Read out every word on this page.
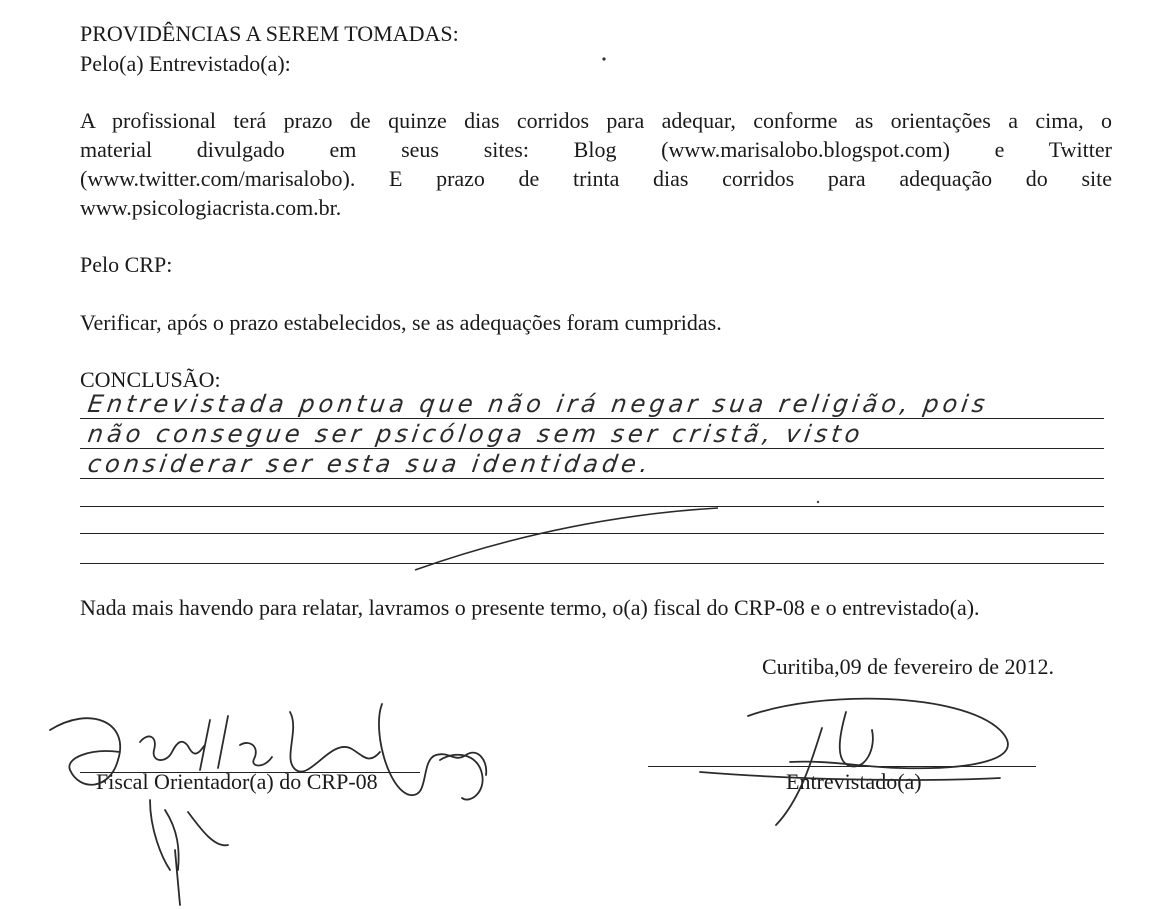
PROVIDÊNCIAS A SEREM TOMADAS:
Pelo(a) Entrevistado(a):
A profissional terá prazo de quinze dias corridos para adequar, conforme as orientações a cima, o
material divulgado em seus sites: Blog (www.marisalobo.blogspot.com) e Twitter
(www.twitter.com/marisalobo). E prazo de trinta dias corridos para adequação do site
www.psicologiacrista.com.br.
Pelo CRP:
Verificar, após o prazo estabelecidos, se as adequações foram cumpridas.
CONCLUSÃO:
Entrevistada pontua que não irá negar sua religião, pois
não consegue ser psicóloga sem ser cristã, visto
considerar ser esta sua identidade.
Nada mais havendo para relatar, lavramos o presente termo, o(a) fiscal do CRP-08 e o entrevistado(a).
Curitiba,09 de fevereiro de 2012.
Fiscal Orientador(a) do CRP-08	Entrevistado(a)
